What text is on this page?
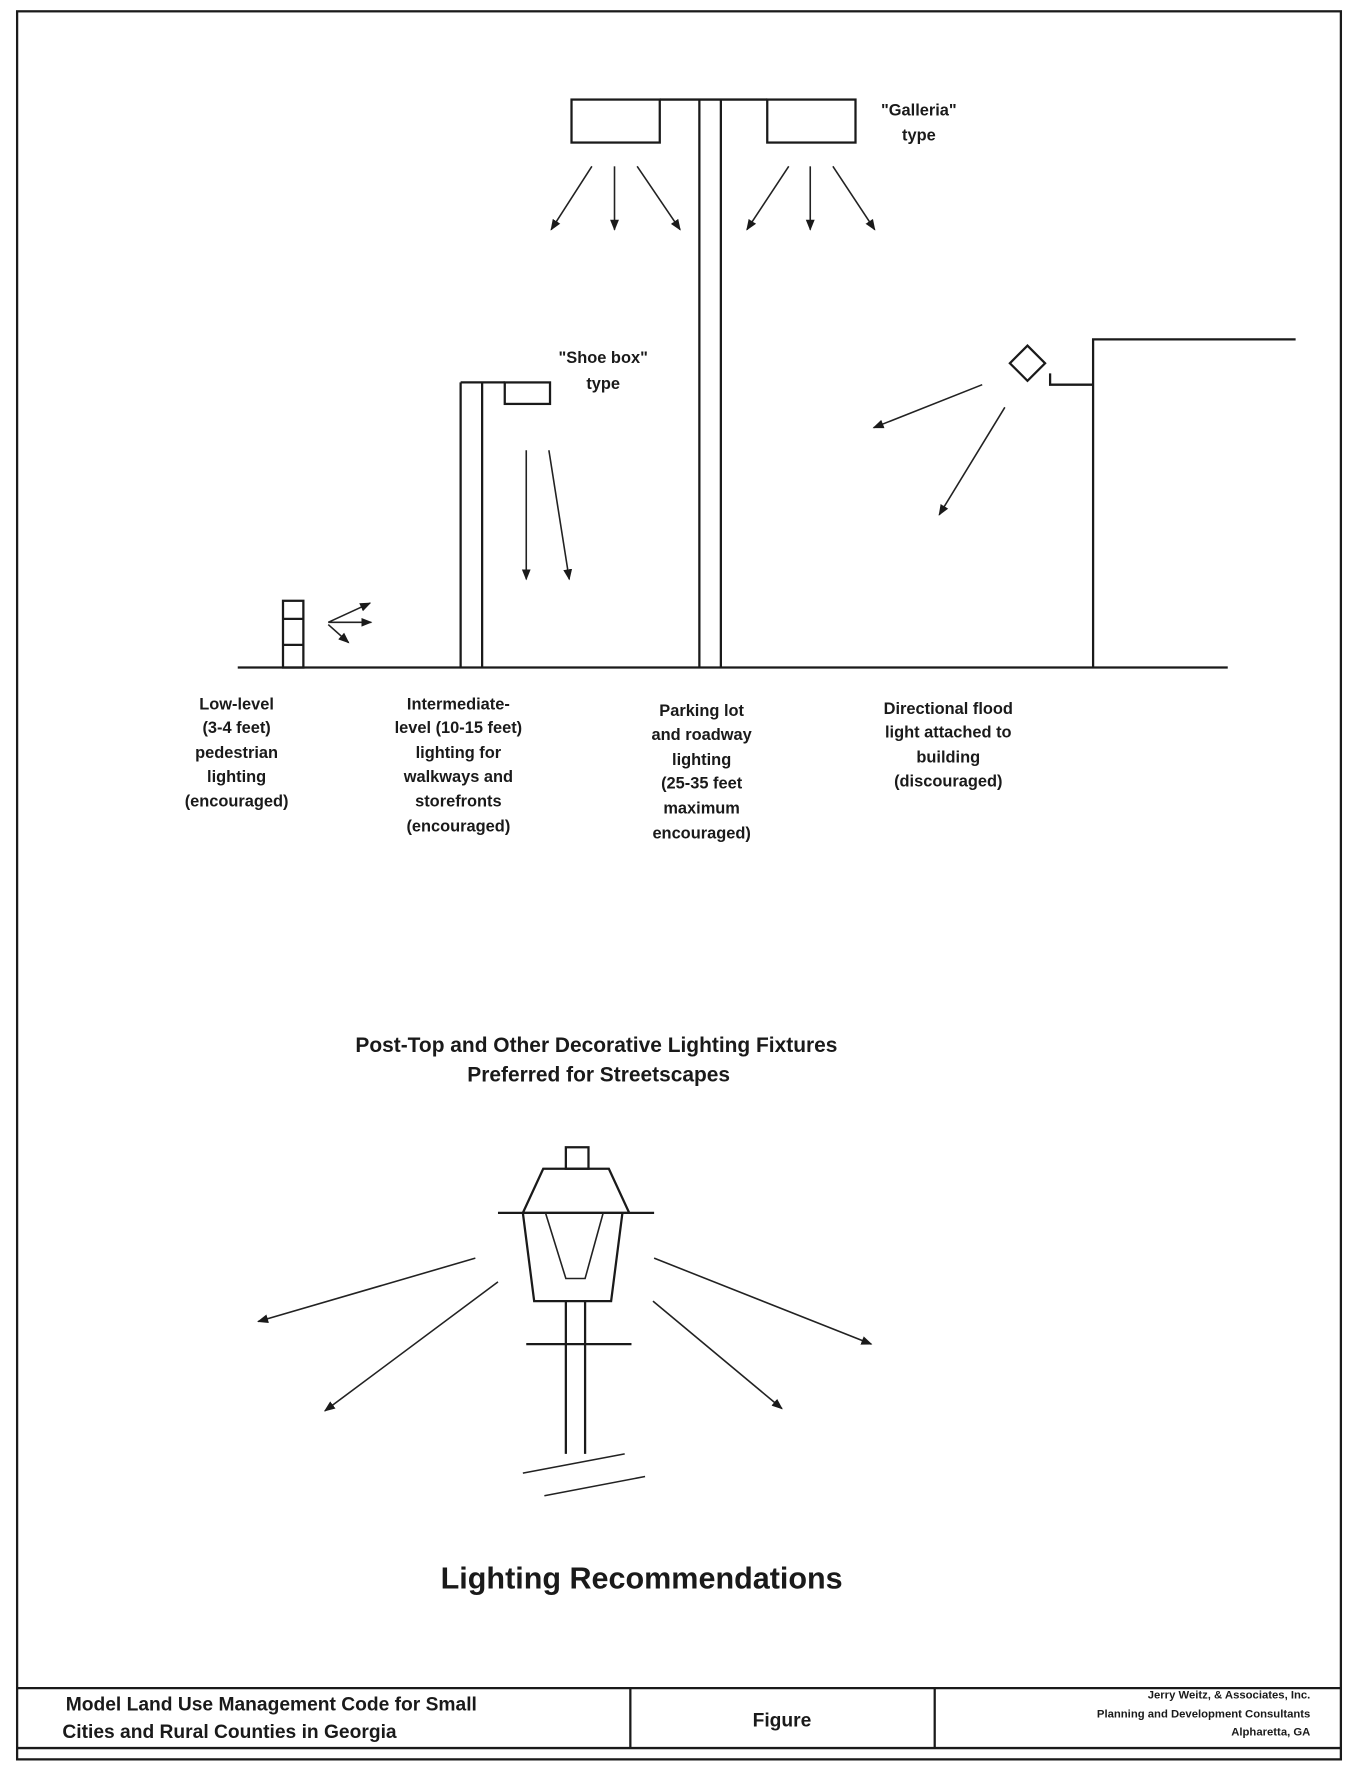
"Galleria"
type
"Shoe box"
type
Low-level
(3-4 feet)
pedestrian
lighting
(encouraged)
Intermediate-
level (10-15 feet)
lighting for
walkways and
storefronts
(encouraged)
Parking lot
and roadway
lighting
(25-35 feet
maximum
encouraged)
Directional flood
light attached to
building
(discouraged)
Post-Top and Other Decorative Lighting Fixtures
Preferred for Streetscapes
Lighting Recommendations
Model Land Use Management Code for Small
Cities and Rural Counties in Georgia
Figure
Jerry Weitz, & Associates, Inc.
Planning and Development Consultants
Alpharetta, GA
